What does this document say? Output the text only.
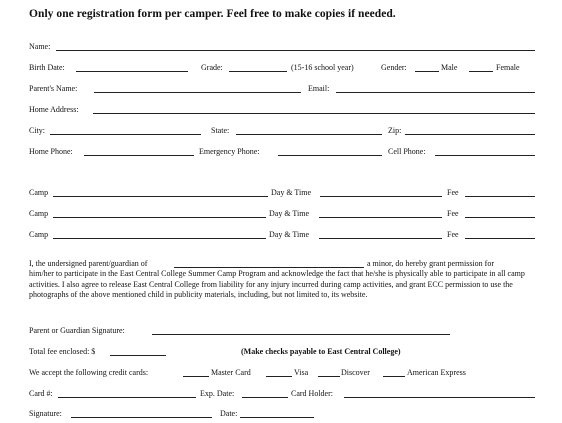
Only one registration form per camper. Feel free to make copies if needed.
Name:
Birth Date:	Grade:	(15-16 school year)	Gender:	Male	Female
Parent's Name:	Email:
Home Address:
City:	State:	Zip:
Home Phone:	Emergency Phone:	Cell Phone:
Camp	Day & Time	Fee
Camp	Day & Time	Fee
Camp	Day & Time	Fee
I, the undersigned parent/guardian of	a minor, do hereby grant permission for
him/her to participate in the East Central College Summer Camp Program and acknowledge the fact that he/she is physically able to participate in all camp activities. I also agree to release East Central College from liability for any injury incurred during camp activities, and grant ECC permission to use the photographs of the above mentioned child in publicity materials, including, but not limited to, its website.
Parent or Guardian Signature:
Total fee enclosed: $	(Make checks payable to East Central College)
We accept the following credit cards:	Master Card	Visa	Discover	American Express
Card #:	Exp. Date:	Card Holder:
Signature:	Date:
